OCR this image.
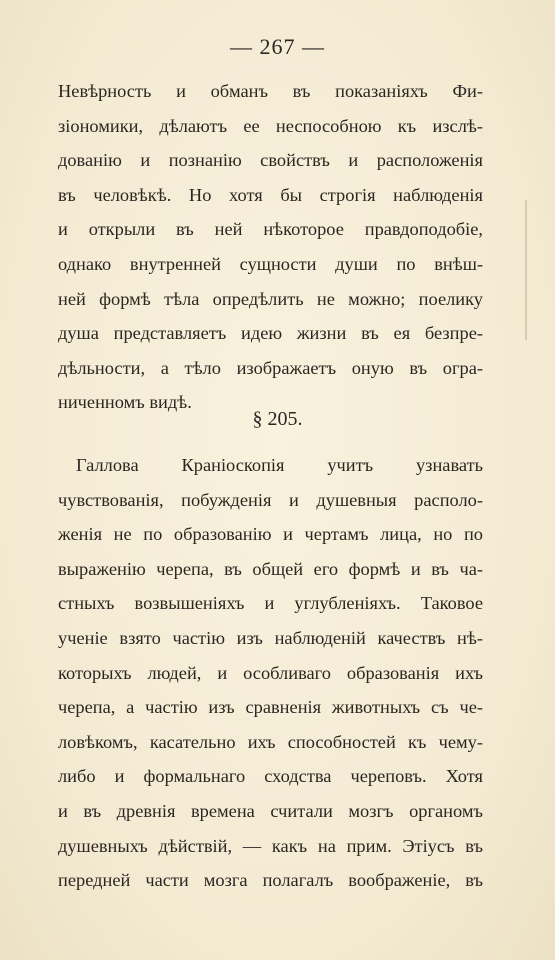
— 267 —
Невѣрность и обманъ въ показаніяхъ Фи-
зіономики, дѣлаютъ ее неспособною къ изслѣ-
дованію и познанію свойствъ и расположенія
въ человѣкѣ. Но хотя бы строгія наблюденія
и открыли въ ней нѣкоторое правдоподобіе,
однако внутренней сущности души по внѣш-
ней формѣ тѣла опредѣлить не можно; поелику
душа представляетъ идею жизни въ ея безпре-
дѣльности, а тѣло изображаетъ оную въ огра-
ниченномъ видѣ.
§ 205.
Галлова Краніоскопія учитъ узнавать
чувствованія, побужденія и душевныя располо-
женія не по образованію и чертамъ лица, но по
выраженію черепа, въ общей его формѣ и въ ча-
стныхъ возвышеніяхъ и углубленіяхъ. Таковое
ученіе взято частію изъ наблюденій качествъ нѣ-
которыхъ людей, и особливаго образованія ихъ
черепа, а частію изъ сравненія животныхъ съ че-
ловѣкомъ, касательно ихъ способностей къ чему-
либо и формальнаго сходства череповъ. Хотя
и въ древнія времена считали мозгъ органомъ
душевныхъ дѣйствій, — какъ на прим. Этіусъ въ
передней части мозга полагалъ воображеніе, въ
